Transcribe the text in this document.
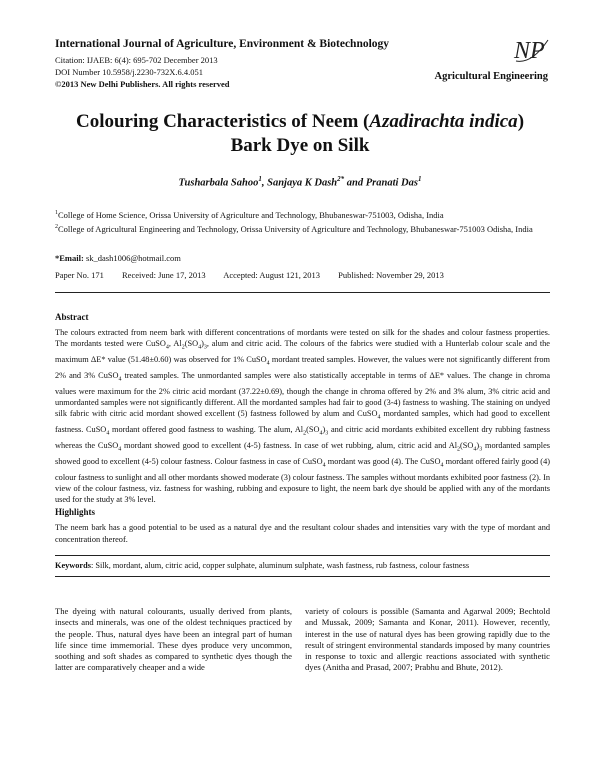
International Journal of Agriculture, Environment & Biotechnology
Citation: IJAEB: 6(4): 695-702 December 2013
DOI Number 10.5958/j.2230-732X.6.4.051
©2013 New Delhi Publishers. All rights reserved
NP
Agricultural Engineering
Colouring Characteristics of Neem (Azadirachta indica)
Bark Dye on Silk
Tusharbala Sahoo$^1$, Sanjaya K Dash$^{2*}$ and Pranati Das$^1$
$^1$College of Home Science, Orissa University of Agriculture and Technology, Bhubaneswar-751003, Odisha, India
$^2$College of Agricultural Engineering and Technology, Orissa University of Agriculture and Technology, Bhubaneswar-751003 Odisha, India
*Email: sk_dash1006@hotmail.com
Paper No. 171 Received: June 17, 2013 Accepted: August 121, 2013 Published: November 29, 2013
Abstract
The colours extracted from neem bark with different concentrations of mordants were tested on silk for the shades and colour fastness properties. The mordants tested were CuSO$_4$, $Al_2(SO_4)_3$, alum and citric acid. The colours of the fabrics were studied with a Hunterlab colour scale and the maximum ΔE* value (51.48±0.60) was observed for 1% CuSO$_4$ mordant treated samples. However, the values were not significantly different from 2% and 3% CuSO$_4$ treated samples. The unmordanted samples were also statistically acceptable in terms of ΔE* values. The change in chroma values were maximum for the 2% citric acid mordant (37.22±0.69), though the change in chroma offered by 2% and 3% alum, 3% citric acid and unmordanted samples were not significantly different. All the mordanted samples had fair to good (3-4) fastness to washing. The staining on undyed silk fabric with citric acid mordant showed excellent (5) fastness followed by alum and CuSO$_4$ mordanted samples, which had good to excellent fastness. CuSO$_4$ mordant offered good fastness to washing. The alum, $Al_2(SO_4)_3$ and citric acid mordants exhibited excellent dry rubbing fastness whereas the CuSO$_4$ mordant showed good to excellent (4-5) fastness. In case of wet rubbing, alum, citric acid and $Al_2(SO_4)_3$ mordanted samples showed good to excellent (4-5) colour fastness. Colour fastness in case of CuSO$_4$ mordant was good (4). The CuSO$_4$ mordant offered fairly good (4) colour fastness to sunlight and all other mordants showed moderate (3) colour fastness. The samples without mordants exhibited poor fastness (2). In view of the colour fastness, viz. fastness for washing, rubbing and exposure to light, the neem bark dye should be applied with any of the mordants used for the study at 3% level.
Highlights
The neem bark has a good potential to be used as a natural dye and the resultant colour shades and intensities vary with the type of mordant and concentration thereof.
Keywords: Silk, mordant, alum, citric acid, copper sulphate, aluminum sulphate, wash fastness, rub fastness, colour fastness
The dyeing with natural colourants, usually derived from plants, insects and minerals, was one of the oldest techniques practiced by the people. Thus, natural dyes have been an integral part of human life since time immemorial. These dyes produce very uncommon, soothing and soft shades as compared to synthetic dyes though the latter are comparatively cheaper and a wide
variety of colours is possible (Samanta and Agarwal 2009; Bechtold and Mussak, 2009; Samanta and Konar, 2011). However, recently, interest in the use of natural dyes has been growing rapidly due to the result of stringent environmental standards imposed by many countries in response to toxic and allergic reactions associated with synthetic dyes (Anitha and Prasad, 2007; Prabhu and Bhute, 2012).
